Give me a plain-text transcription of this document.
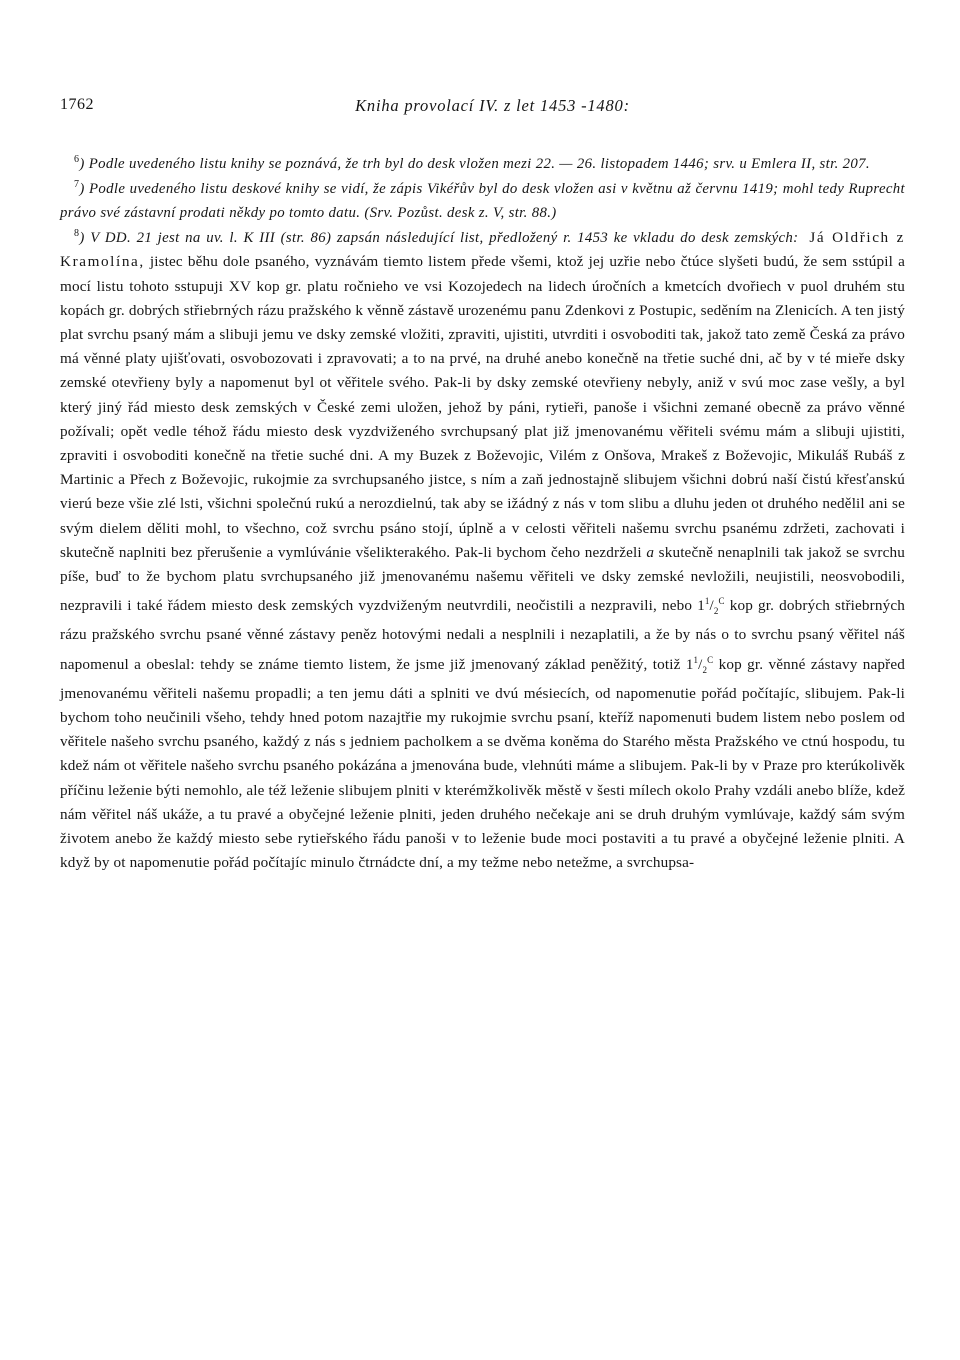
1762	Kniha provolací IV. z let 1453 -1480:

$^6$) Podle uvedeného listu knihy se poznává, že trh byl do desk vložen mezi 22. — 26. listopadem 1446; srv. u Emlera II, str. 207.

$^7$) Podle uvedeného listu deskové knihy se vidí, že zápis Vikéřův byl do desk vložen asi v květnu až červnu 1419; mohl tedy Ruprecht právo své zástavní prodati někdy po tomto datu. (Srv. Pozůst. desk z. V, str. 88.)

$^8$) V DD. 21 jest na uv. l. K III (str. 86) zapsán následující list, předložený r. 1453 ke vkladu do desk zemských: Já Oldřich z Kramolína, jistec běhu dole psaného, vyznávám tiemto listem přede všemi, ktož jej uzřie nebo čtúce slyšeti budú, že sem sstúpil a mocí listu tohoto sstupuji XV kop gr. platu ročnieho ve vsi Kozojedech na lidech úročních a kmetcích dvořiech v puol druhém stu kopách gr. dobrých střiebrných rázu pražského k věnně zástavě urozenému panu Zdenkovi z Postupic, seděním na Zlenicích. A ten jistý plat svrchu psaný mám a slibuji jemu ve dsky zemské vložiti, zpraviti, ujistiti, utvrditi i osvoboditi tak, jakož tato země Česká za právo má věnné platy ujišťovati, osvobozovati i zpravovati; a to na prvé, na druhé anebo konečně na třetie suché dni, ač by v té mieře dsky zemské otevřieny byly a napomenut byl ot věřitele svého. Pak-li by dsky zemské otevřieny nebyly, aniž v svú moc zase vešly, a byl který jiný řád miesto desk zemských v České zemi uložen, jehož by páni, rytieři, panoše i všichni zemané obecně za právo věnné požívali; opět vedle téhož řádu miesto desk vyzdviženého svrchupsaný plat již jmenovanému věřiteli svému mám a slibuji ujistiti, zpraviti i osvoboditi konečně na třetie suché dni. A my Buzek z Boževojic, Vilém z Onšova, Mrakeš z Boževojic, Mikuláš Rubáš z Martinic a Přech z Boževojic, rukojmie za svrchupsaného jistce, s ním a zaň jednostajně slibujem všichni dobrú naší čistú křesťanskú vierú beze všie zlé lsti, všichni společnú rukú a nerozdielnú, tak aby se ižádný z nás v tom slibu a dluhu jeden ot druhého nedělil ani se svým dielem děliti mohl, to všechno, což svrchu psáno stojí, úplně a v celosti věřiteli našemu svrchu psanému zdržeti, zachovati i skutečně naplniti bez přerušenie a vymlúvánie všelikterakého. Pak-li bychom čeho nezdrželi a skutečně nenaplnili tak jakož se svrchu píše, buď to že bychom platu svrchupsaného již jmenovanému našemu věřiteli ve dsky zemské nevložili, neujistili, neosvobodili, nezpravili i také řádem miesto desk zemských vyzdviženým neutvrdili, neočistili a nezpravili, nebo $1^1/_2^C$ kop gr. dobrých střiebrných rázu pražského svrchu psané věnné zástavy peněz hotovými nedali a nesplnili i nezaplatili, a že by nás o to svrchu psaný věřitel náš napomenul a obeslal: tehdy se známe tiemto listem, že jsme již jmenovaný základ peněžitý, totiž $1^1/_2^C$ kop gr. věnné zástavy napřed jmenovanému věřiteli našemu propadli; a ten jemu dáti a splniti ve dvú mésiecích, od napomenutie pořád počítajíc, slibujem. Pak-li bychom toho neučinili všeho, tehdy hned potom nazajtřie my rukojmie svrchu psaní, kteříž napomenuti budem listem nebo poslem od věřitele našeho svrchu psaného, každý z nás s jedniem pacholkem a se dvěma koněma do Starého města Pražského ve ctnú hospodu, tu kdež nám ot věřitele našeho svrchu psaného pokázána a jmenována bude, vlehnúti máme a slibujem. Pak-li by v Praze pro kterúkolivěk příčinu leženie býti nemohlo, ale též leženie slibujem plniti v kterémžkolivěk městě v šesti mílech okolo Prahy vzdáli anebo blíže, kdež nám věřitel náš ukáže, a tu pravé a obyčejné leženie plniti, jeden druhého nečekaje ani se druh druhým vymlúvaje, každý sám svým životem anebo že každý miesto sebe rytieřského řádu panoši v to leženie bude moci postaviti a tu pravé a obyčejné leženie plniti. A když by ot napomenutie pořád počítajíc minulo čtrnádcte dní, a my težme nebo netežme, a svrchupsa-
